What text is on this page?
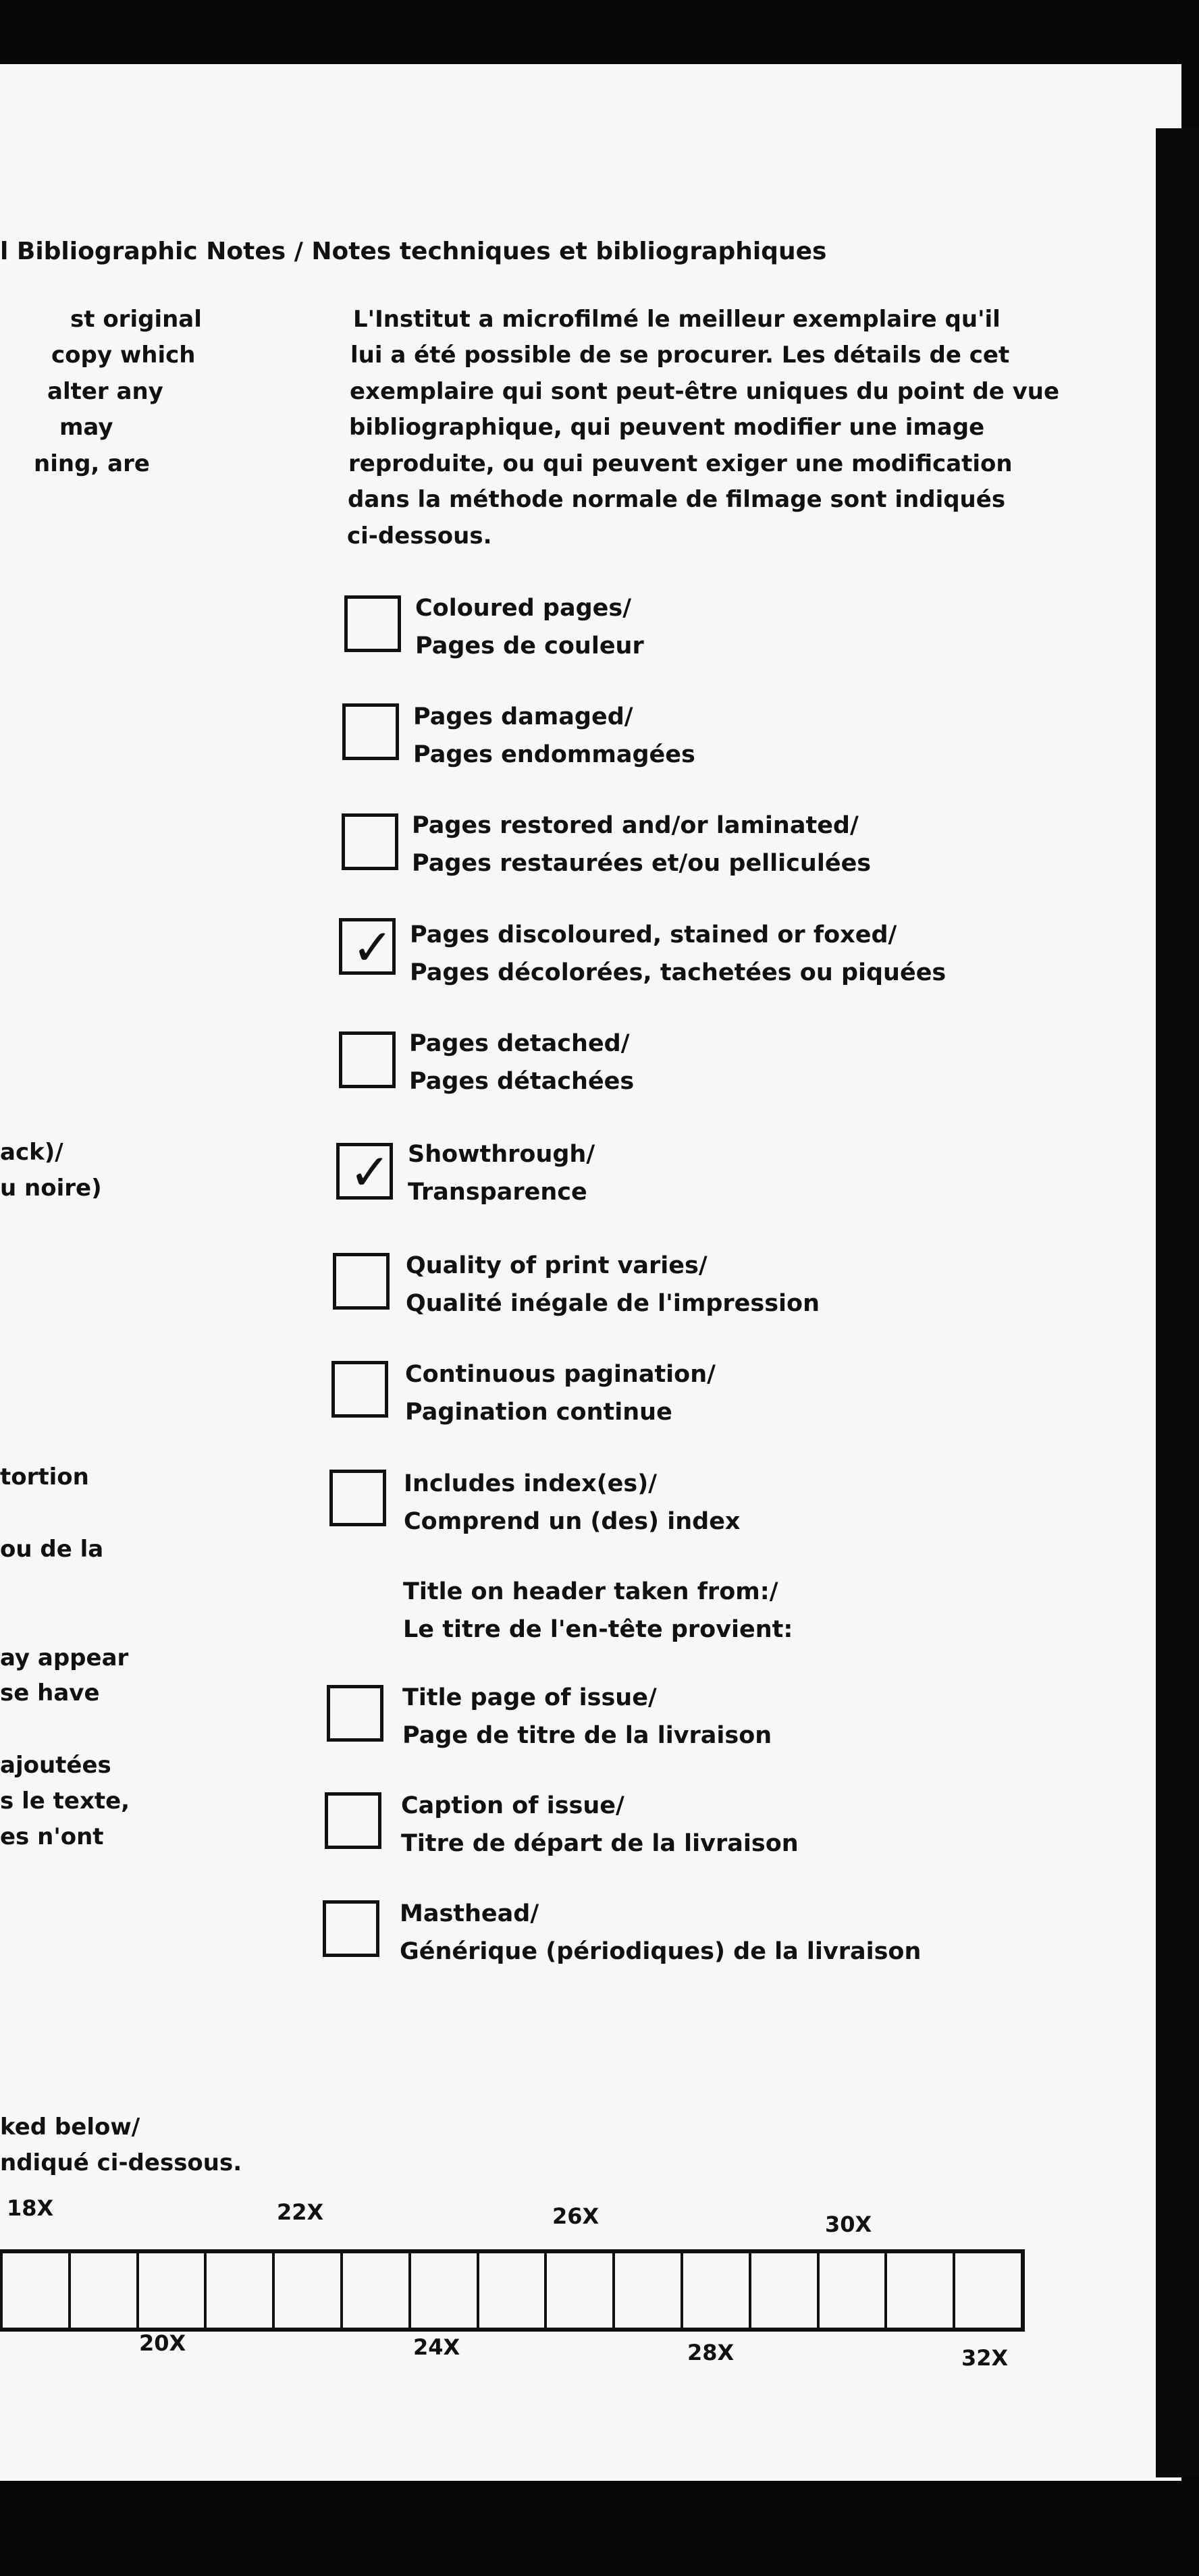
l Bibliographic Notes / Notes techniques et bibliographiques
st original
copy which
alter any
may
ning, are
ack)/
u noire)
tortion
ou de la
ay appear
se have
ajoutées
s le texte,
es n'ont
ked below/
ndiqué ci-dessous.
L'Institut a microfilmé le meilleur exemplaire qu'il
lui a été possible de se procurer. Les détails de cet
exemplaire qui sont peut-être uniques du point de vue
bibliographique, qui peuvent modifier une image
reproduite, ou qui peuvent exiger une modification
dans la méthode normale de filmage sont indiqués
ci-dessous.
Coloured pages/
Pages de couleur
Pages damaged/
Pages endommagées
Pages restored and/or laminated/
Pages restaurées et/ou pelliculées
✓ Pages discoloured, stained or foxed/
Pages décolorées, tachetées ou piquées
Pages detached/
Pages détachées
✓ Showthrough/
Transparence
Quality of print varies/
Qualité inégale de l'impression
Continuous pagination/
Pagination continue
Includes index(es)/
Comprend un (des) index
Title on header taken from:/
Le titre de l'en-tête provient:
Title page of issue/
Page de titre de la livraison
Caption of issue/
Titre de départ de la livraison
Masthead/
Générique (périodiques) de la livraison
18X	22X	26X	30X
20X	24X	28X	32X
